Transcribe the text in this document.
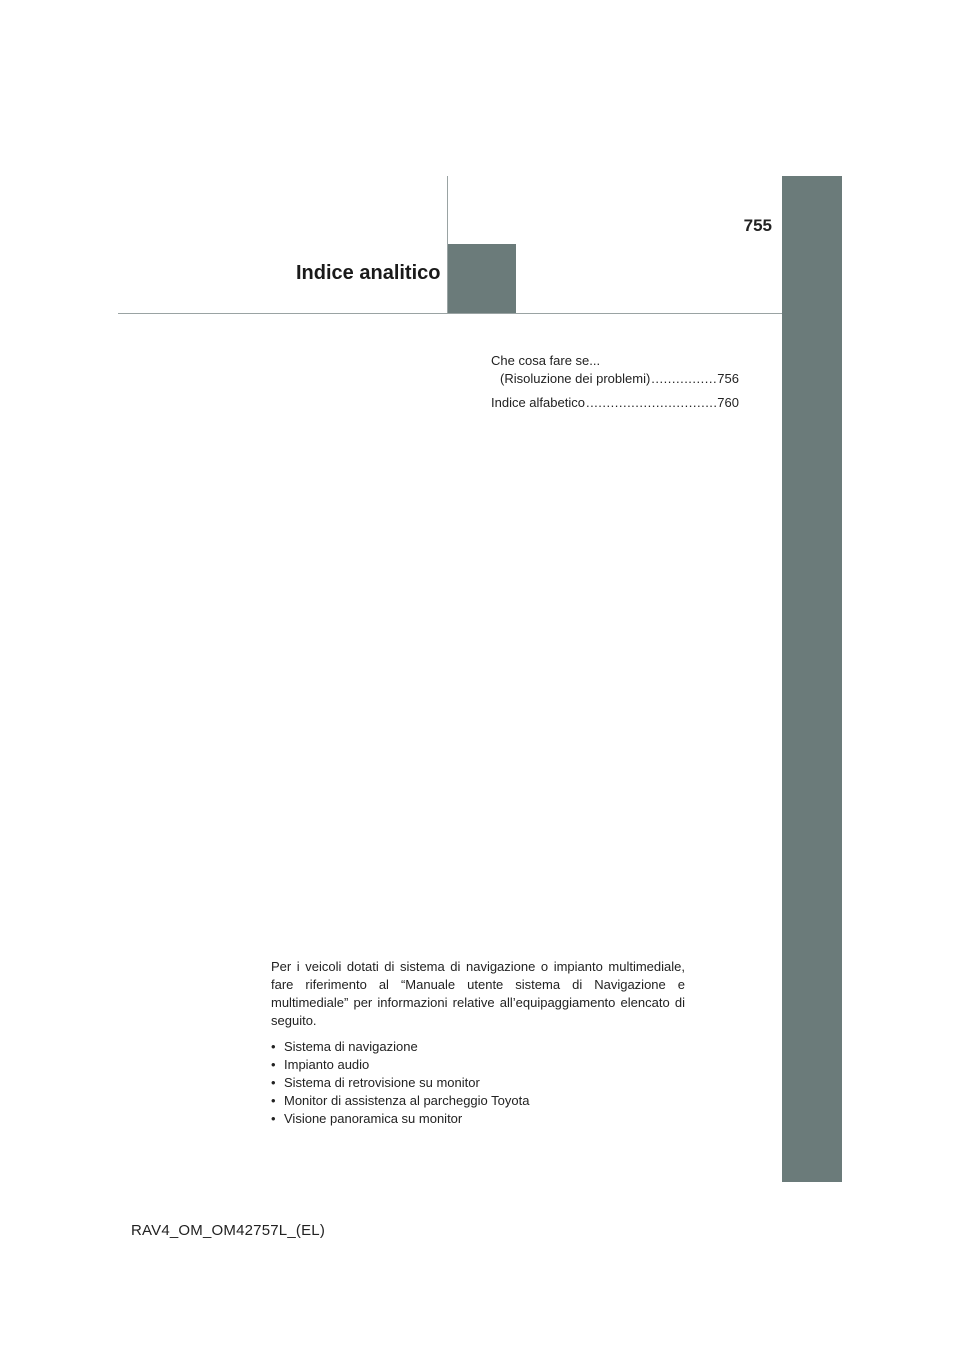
755
Indice analitico
Che cosa fare se...
(Risoluzione dei problemi) .....	756
Indice alfabetico .....	760

Per i veicoli dotati di sistema di navigazione o impianto multimediale, fare riferimento al “Manuale utente sistema di Navigazione e multimediale” per informazioni relative all’equipaggiamento elencato di seguito.

• Sistema di navigazione
• Impianto audio
• Sistema di retrovisione su monitor
• Monitor di assistenza al parcheggio Toyota
• Visione panoramica su monitor
RAV4_OM_OM42757L_(EL)
